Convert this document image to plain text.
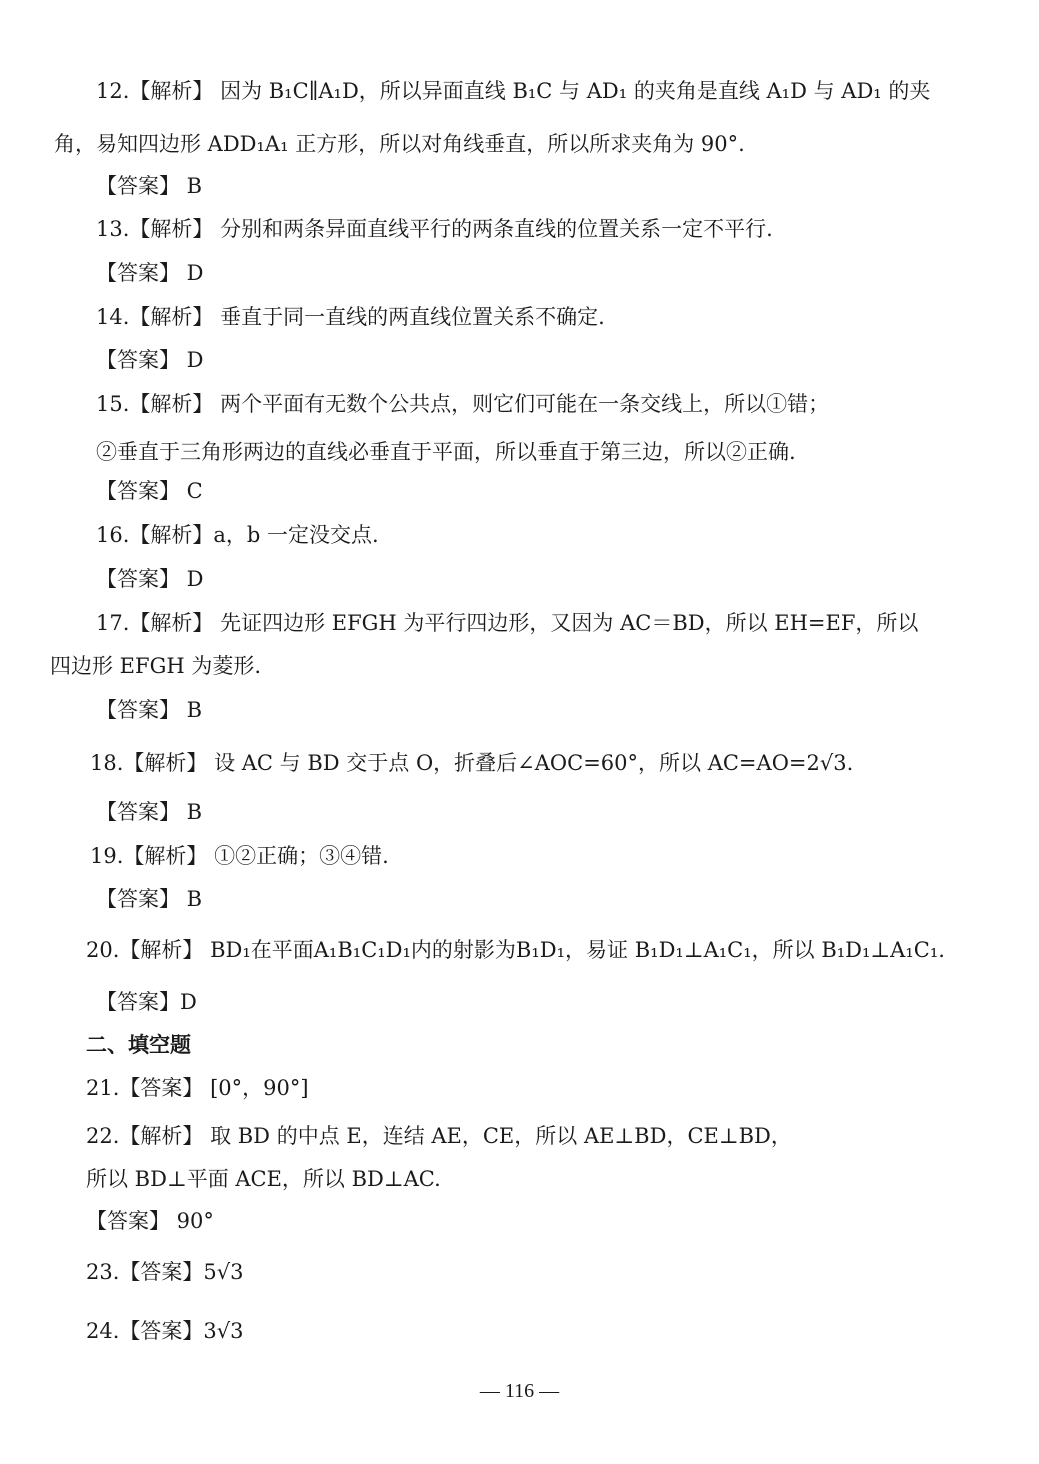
12.【解析】 因为 B₁C∥A₁D，所以异面直线 B₁C 与 AD₁ 的夹角是直线 A₁D 与 AD₁ 的夹
角，易知四边形 ADD₁A₁ 正方形，所以对角线垂直，所以所求夹角为 90°.
【答案】 B
13.【解析】 分别和两条异面直线平行的两条直线的位置关系一定不平行.
【答案】 D
14.【解析】 垂直于同一直线的两直线位置关系不确定.
【答案】 D
15.【解析】 两个平面有无数个公共点，则它们可能在一条交线上，所以①错；
②垂直于三角形两边的直线必垂直于平面，所以垂直于第三边，所以②正确.
【答案】 C
16.【解析】a，b 一定没交点.
【答案】 D
17.【解析】 先证四边形 EFGH 为平行四边形，又因为 AC＝BD，所以 EH=EF，所以
四边形 EFGH 为菱形.
【答案】 B
18.【解析】 设 AC 与 BD 交于点 O，折叠后∠AOC=60°，所以 AC=AO=2√3.
【答案】 B
19.【解析】 ①②正确；③④错.
【答案】 B
20.【解析】 BD₁在平面A₁B₁C₁D₁内的射影为B₁D₁，易证 B₁D₁⊥A₁C₁，所以 B₁D₁⊥A₁C₁.
【答案】D
二、填空题
21.【答案】 [0°，90°]
22.【解析】 取 BD 的中点 E，连结 AE，CE，所以 AE⊥BD，CE⊥BD，
所以 BD⊥平面 ACE，所以 BD⊥AC.
【答案】 90°
23.【答案】5√3
24.【答案】3√3
— 116 —
